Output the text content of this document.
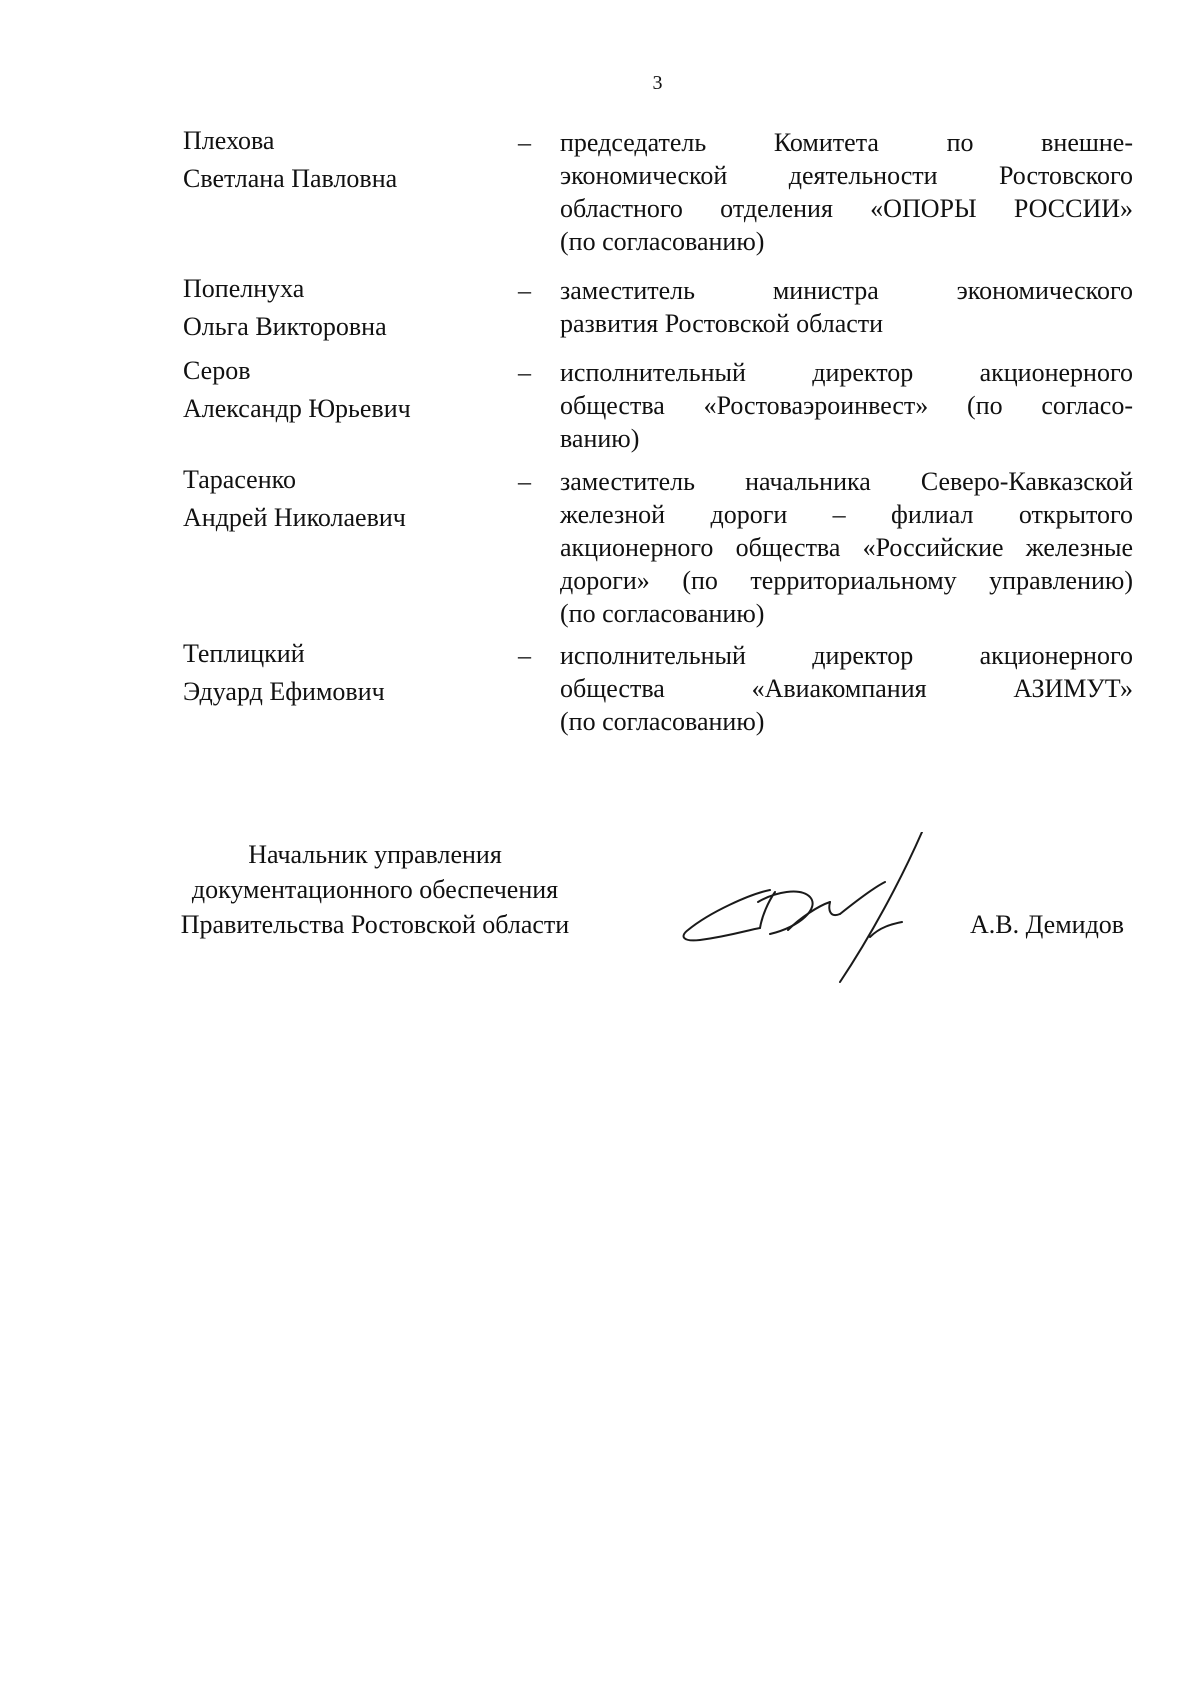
3
Плехова
Светлана Павловна
– председатель Комитета по внешне-
экономической деятельности Ростовского
областного отделения «ОПОРЫ РОССИИ»
(по согласованию)
Попелнуха
Ольга Викторовна
– заместитель министра экономического
развития Ростовской области
Серов
Александр Юрьевич
– исполнительный директор акционерного
общества «Ростоваэроинвест» (по согласо-
ванию)
Тарасенко
Андрей Николаевич
– заместитель начальника Северо-Кавказской
железной дороги – филиал открытого
акционерного общества «Российские железные
дороги» (по территориальному управлению)
(по согласованию)
Теплицкий
Эдуард Ефимович
– исполнительный директор акционерного
общества «Авиакомпания АЗИМУТ»
(по согласованию)
Начальник управления
документационного обеспечения
Правительства Ростовской области	А.В. Демидов
